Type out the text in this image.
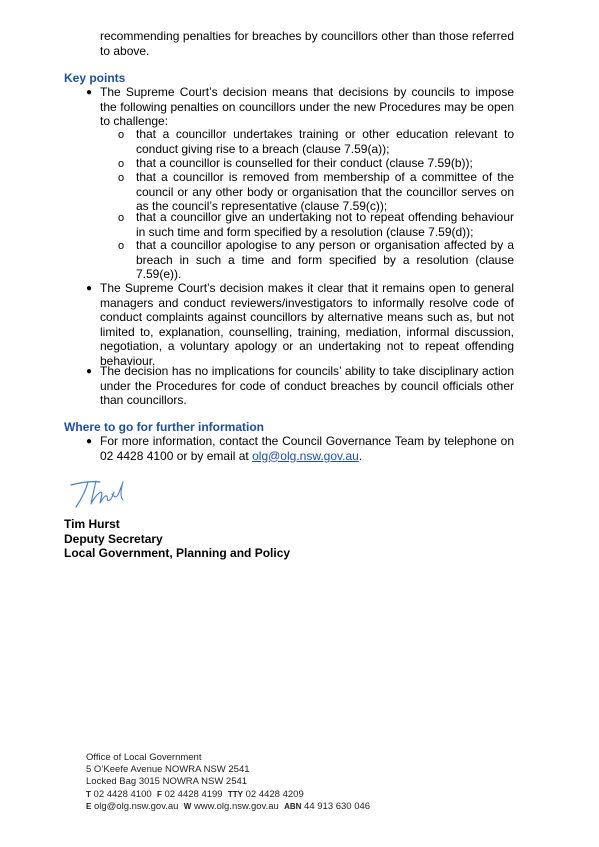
recommending penalties for breaches by councillors other than those referred to above.

Key points

● The Supreme Court’s decision means that decisions by councils to impose the following penalties on councillors under the new Procedures may be open to challenge:

o that a councillor undertakes training or other education relevant to conduct giving rise to a breach (clause 7.59(a));

o that a councillor is counselled for their conduct (clause 7.59(b));

o that a councillor is removed from membership of a committee of the council or any other body or organisation that the councillor serves on as the council’s representative (clause 7.59(c));

o that a councillor give an undertaking not to repeat offending behaviour in such time and form specified by a resolution (clause 7.59(d));

o that a councillor apologise to any person or organisation affected by a breach in such a time and form specified by a resolution (clause 7.59(e)).

● The Supreme Court’s decision makes it clear that it remains open to general managers and conduct reviewers/investigators to informally resolve code of conduct complaints against councillors by alternative means such as, but not limited to, explanation, counselling, training, mediation, informal discussion, negotiation, a voluntary apology or an undertaking not to repeat offending behaviour.

● The decision has no implications for councils’ ability to take disciplinary action under the Procedures for code of conduct breaches by council officials other than councillors.

Where to go for further information

● For more information, contact the Council Governance Team by telephone on 02 4428 4100 or by email at olg@olg.nsw.gov.au.

Tim Hurst
Deputy Secretary
Local Government, Planning and Policy
Office of Local Government
5 O’Keefe Avenue NOWRA NSW 2541
Locked Bag 3015 NOWRA NSW 2541
T 02 4428 4100 F 02 4428 4199 TTY 02 4428 4209
E olg@olg.nsw.gov.au W www.olg.nsw.gov.au ABN 44 913 630 046
